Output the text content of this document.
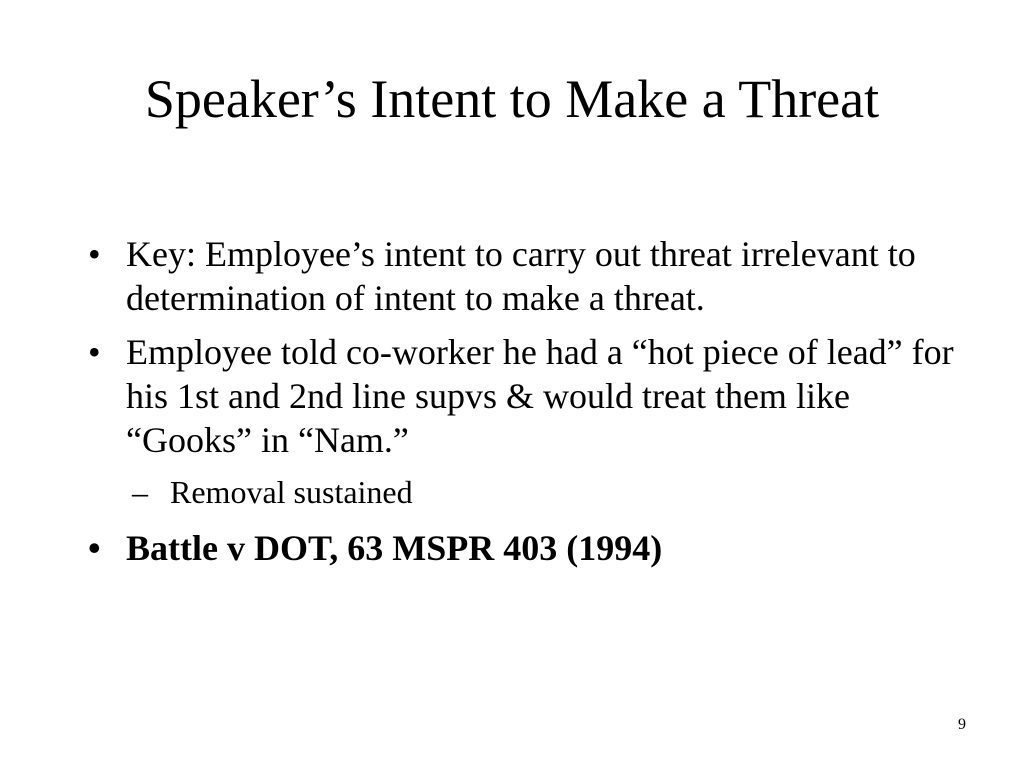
Speaker’s Intent to Make a Threat
• Key: Employee’s intent to carry out threat irrelevant to determination of intent to make a threat.
• Employee told co-worker he had a “hot piece of lead” for his 1st and 2nd line supvs & would treat them like “Gooks” in “Nam.”
– Removal sustained
• Battle v DOT, 63 MSPR 403 (1994)
9
